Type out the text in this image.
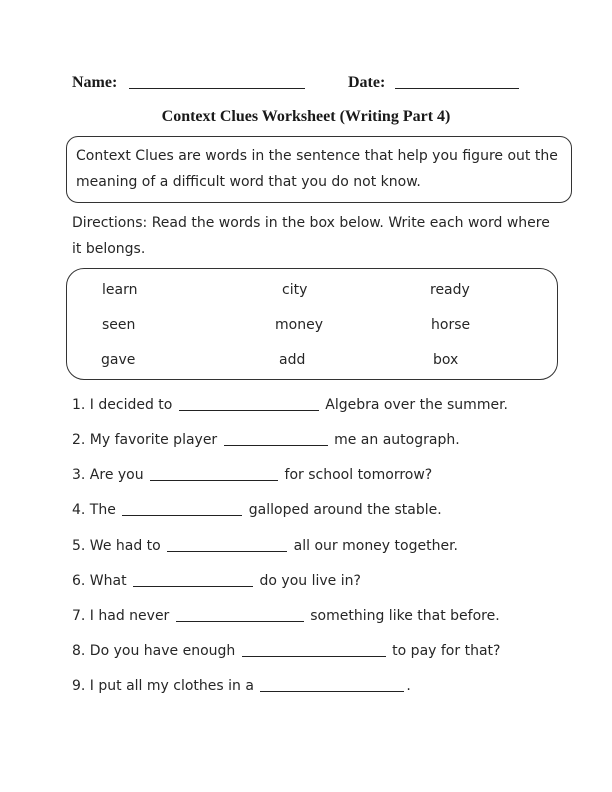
Name:	Date:
Context Clues Worksheet (Writing Part 4)
Context Clues are words in the sentence that help you figure out the meaning of a difficult word that you do not know.
Directions: Read the words in the box below. Write each word where it belongs.
learn	city	ready
seen	money	horse
gave	add	box
1. I decided to	Algebra over the summer.
2. My favorite player	me an autograph.
3. Are you	for school tomorrow?
4. The	galloped around the stable.
5. We had to	all our money together.
6. What	do you live in?
7. I had never	something like that before.
8. Do you have enough	to pay for that?
9. I put all my clothes in a	.
